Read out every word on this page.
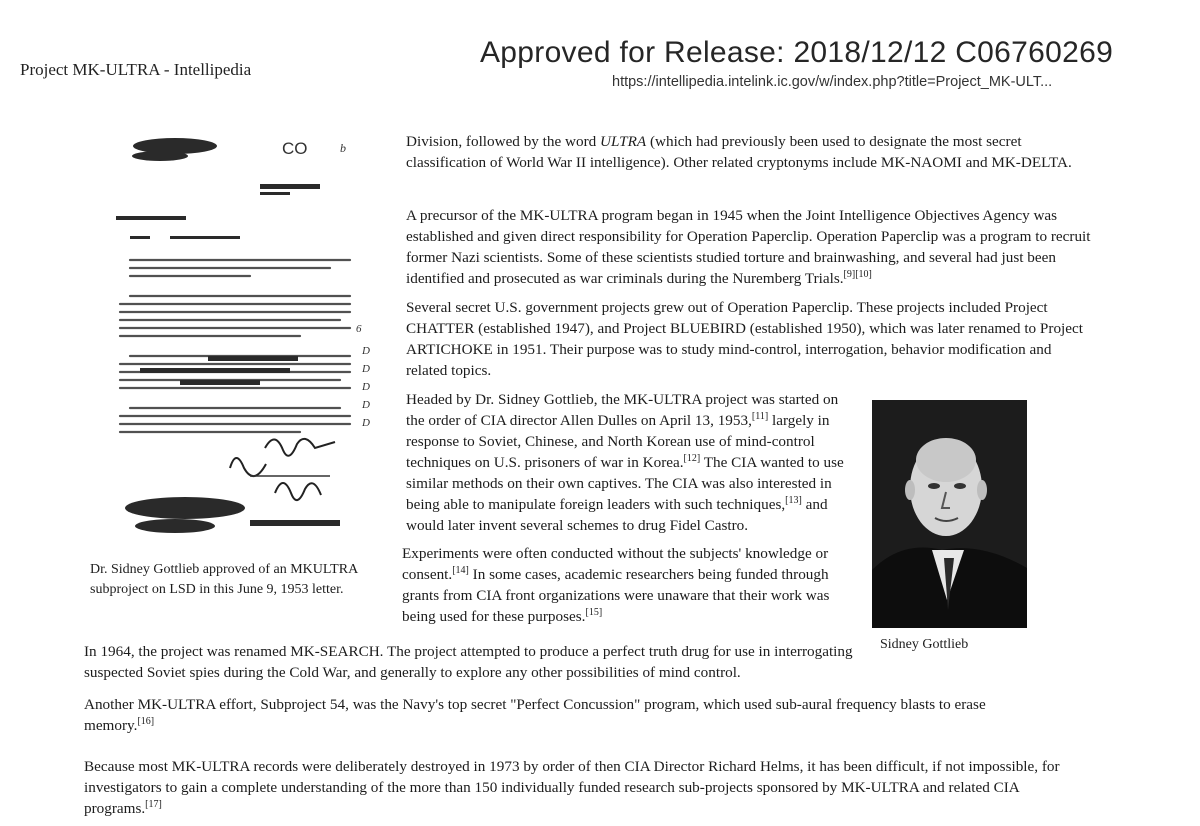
Project MK-ULTRA - Intellipedia
Approved for Release: 2018/12/12 C06760269
https://intellipedia.intelink.ic.gov/w/index.php?title=Project_MK-ULT...
CO	b
6
D
D
D
D
D
Dr. Sidney Gottlieb approved of an MKULTRA subproject on LSD in this June 9, 1953 letter.
Division, followed by the word ULTRA (which had previously been used to designate the most secret classification of World War II intelligence). Other related cryptonyms include MK-NAOMI and MK-DELTA.
A precursor of the MK-ULTRA program began in 1945 when the Joint Intelligence Objectives Agency was established and given direct responsibility for Operation Paperclip. Operation Paperclip was a program to recruit former Nazi scientists. Some of these scientists studied torture and brainwashing, and several had just been identified and prosecuted as war criminals during the Nuremberg Trials.[9][10]
Several secret U.S. government projects grew out of Operation Paperclip. These projects included Project CHATTER (established 1947), and Project BLUEBIRD (established 1950), which was later renamed to Project ARTICHOKE in 1951. Their purpose was to study mind-control, interrogation, behavior modification and related topics.
Headed by Dr. Sidney Gottlieb, the MK-ULTRA project was started on the order of CIA director Allen Dulles on April 13, 1953,[11] largely in response to Soviet, Chinese, and North Korean use of mind-control techniques on U.S. prisoners of war in Korea.[12] The CIA wanted to use similar methods on their own captives. The CIA was also interested in being able to manipulate foreign leaders with such techniques,[13] and would later invent several schemes to drug Fidel Castro.
Experiments were often conducted without the subjects' knowledge or consent.[14] In some cases, academic researchers being funded through grants from CIA front organizations were unaware that their work was being used for these purposes.[15]
Sidney Gottlieb
In 1964, the project was renamed MK-SEARCH. The project attempted to produce a perfect truth drug for use in interrogating suspected Soviet spies during the Cold War, and generally to explore any other possibilities of mind control.
Another MK-ULTRA effort, Subproject 54, was the Navy's top secret "Perfect Concussion" program, which used sub-aural frequency blasts to erase memory.[16]
Because most MK-ULTRA records were deliberately destroyed in 1973 by order of then CIA Director Richard Helms, it has been difficult, if not impossible, for investigators to gain a complete understanding of the more than 150 individually funded research sub-projects sponsored by MK-ULTRA and related CIA programs.[17]
